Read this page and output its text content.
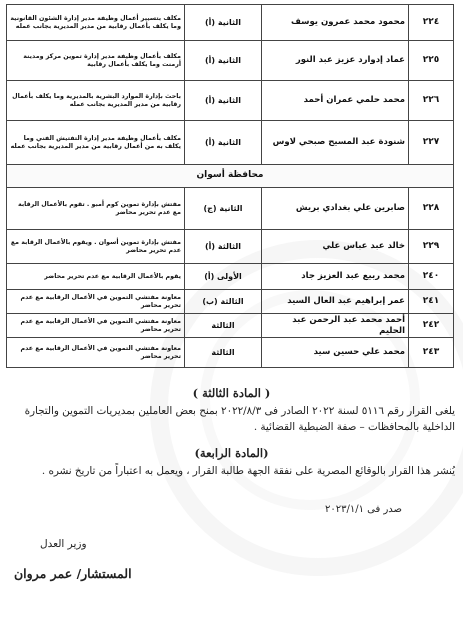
٢٢٤	محمود محمد عمرون يوسف	الثانية (أ)	مكلف بتسيير أعمال وظيفة مدير إدارة الشئون القانونية وما يكلف بأعمال رقابية من مدير المديرية بجانب عمله
٢٢٥	عماد إدوارد عزيز عبد النور	الثانية (أ)	مكلف بأعمال وظيفة مدير إدارة تموين مركز ومدينة أرمنت وما يكلف بأعمال رقابية
٢٢٦	محمد حلمي عمران أحمد	الثانية (أ)	باحث بإدارة الموارد البشرية بالمديرية وما يكلف بأعمال رقابية من مدير المديرية بجانب عمله
٢٢٧	شنودة عبد المسيح صبحي لاوس	الثانية (أ)	مكلف بأعمال وظيفة مدير إدارة التفتيش الفني وما يكلف به من أعمال رقابية من مدير المديرية بجانب عمله
محافظة أسوان			
٢٢٨	صابرين علي بغدادي بريش	الثانية (ج)	مفتش بإدارة تموين كوم أمبو . تقوم بالأعمال الرقابة مع عدم تحرير محاضر
٢٢٩	خالد عبد عباس علي	الثالثة (أ)	مفتش بإدارة تموين أسوان . ويقوم بالأعمال الرقابة مع عدم تحرير محاضر
٢٤٠	محمد ربيع عبد العزيز جاد	الأولى (أ)	يقوم بالأعمال الرقابية مع عدم تحرير محاضر
٢٤١	عمر إبراهيم عبد العال السيد	الثالثة (ب)	معاونة مفتشي التموين في الأعمال الرقابية مع عدم تحرير محاضر
٢٤٢	أحمد محمد عبد الرحمن عبد الحليم	الثالثة	معاونة مفتشي التموين في الأعمال الرقابية مع عدم تحرير محاضر
٢٤٣	محمد علي حسين سيد	الثالثة	معاونة مفتشي التموين في الأعمال الرقابية مع عدم تحرير محاضر
( المادة الثالثة )
يلغى القرار رقم ٥١١٦ لسنة ٢٠٢٢ الصادر فى ٢٠٢٢/٨/٣ بمنح بعض العاملين بمديريات التموين والتجارة الداخلية بالمحافظات – صفة الضبطية القضائية .
(المادة الرابعة)
يُنشر هذا القرار بالوقائع المصرية على نفقة الجهة طالبة القرار ، ويعمل به اعتباراً من تاريخ نشره .
صدر فى ٢٠٢٣/١/١
وزير العدل
المستشار/ عمر مروان
